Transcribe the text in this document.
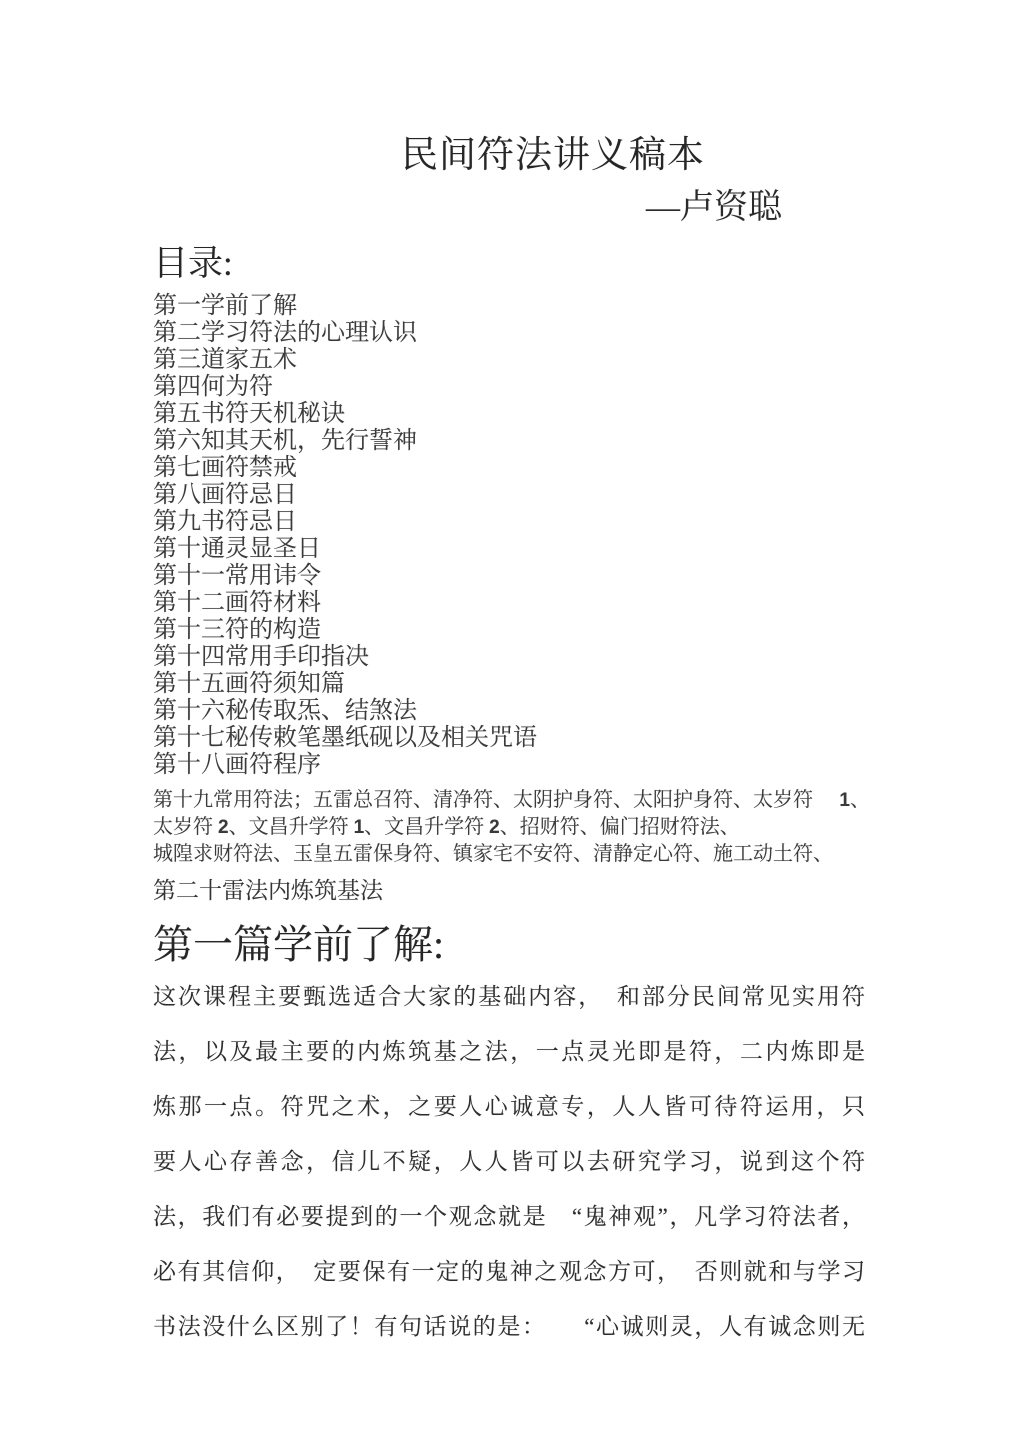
民间符法讲义稿本
—卢资聪
目录:
第一学前了解
第二学习符法的心理认识
第三道家五术
第四何为符
第五书符天机秘诀
第六知其天机，先行誓神
第七画符禁戒
第八画符忌日
第九书符忌日
第十通灵显圣日
第十一常用讳令
第十二画符材料
第十三符的构造
第十四常用手印指决
第十五画符须知篇
第十六秘传取炁、结煞法
第十七秘传敕笔墨纸砚以及相关咒语
第十八画符程序
第十九常用符法；五雷总召符、清净符、太阴护身符、太阳护身符、太岁符 1 、
太岁符 2 、文昌升学符 1 、文昌升学符 2 、招财符、偏门招财符法、
城隍求财符法、玉皇五雷保身符、镇家宅不安符、清静定心符、施工动土符、
第二十雷法内炼筑基法
第一篇学前了解:
这次课程主要甄选适合大家的基础内容，　和部分民间常见实用符
法，以及最主要的内炼筑基之法，一点灵光即是符，二内炼即是
炼那一点。符咒之术，之要人心诚意专，人人皆可待符运用，只
要人心存善念，信儿不疑，人人皆可以去研究学习，说到这个符
法，我们有必要提到的一个观念就是　“鬼神观”，凡学习符法者，
必有其信仰， 定要保有一定的鬼神之观念方可，　否则就和与学习
书法没什么区别了！有句话说的是：　　“心诚则灵，人有诚念则无
